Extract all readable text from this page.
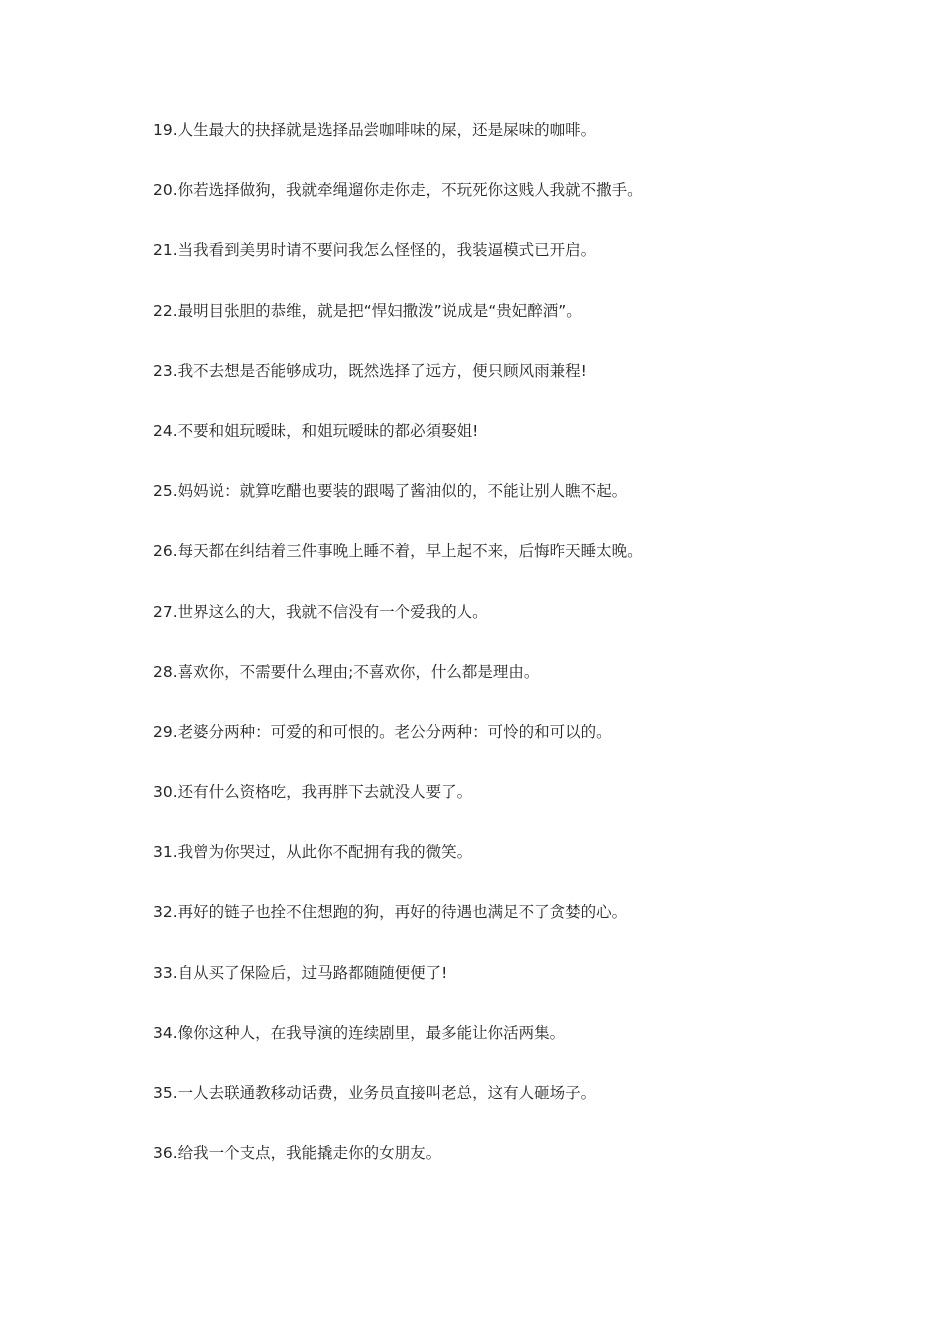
19.人生最大的抉择就是选择品尝咖啡味的屎，还是屎味的咖啡。
20.你若选择做狗，我就牵绳遛你走你走，不玩死你这贱人我就不撒手。
21.当我看到美男时请不要问我怎么怪怪的，我装逼模式已开启。
22.最明目张胆的恭维，就是把“悍妇撒泼”说成是“贵妃醉酒”。
23.我不去想是否能够成功，既然选择了远方，便只顾风雨兼程!
24.不要和姐玩暧昧，和姐玩暧昧的都必須娶姐!
25.妈妈说：就算吃醋也要装的跟喝了酱油似的，不能让别人瞧不起。
26.每天都在纠结着三件事晚上睡不着，早上起不来，后悔昨天睡太晚。
27.世界这么的大，我就不信没有一个爱我的人。
28.喜欢你，不需要什么理由;不喜欢你，什么都是理由。
29.老婆分两种：可爱的和可恨的。老公分两种：可怜的和可以的。
30.还有什么资格吃，我再胖下去就没人要了。
31.我曾为你哭过，从此你不配拥有我的微笑。
32.再好的链子也拴不住想跑的狗，再好的待遇也满足不了贪婪的心。
33.自从买了保险后，过马路都随随便便了!
34.像你这种人，在我导演的连续剧里，最多能让你活两集。
35.一人去联通教移动话费，业务员直接叫老总，这有人砸场子。
36.给我一个支点，我能撬走你的女朋友。
